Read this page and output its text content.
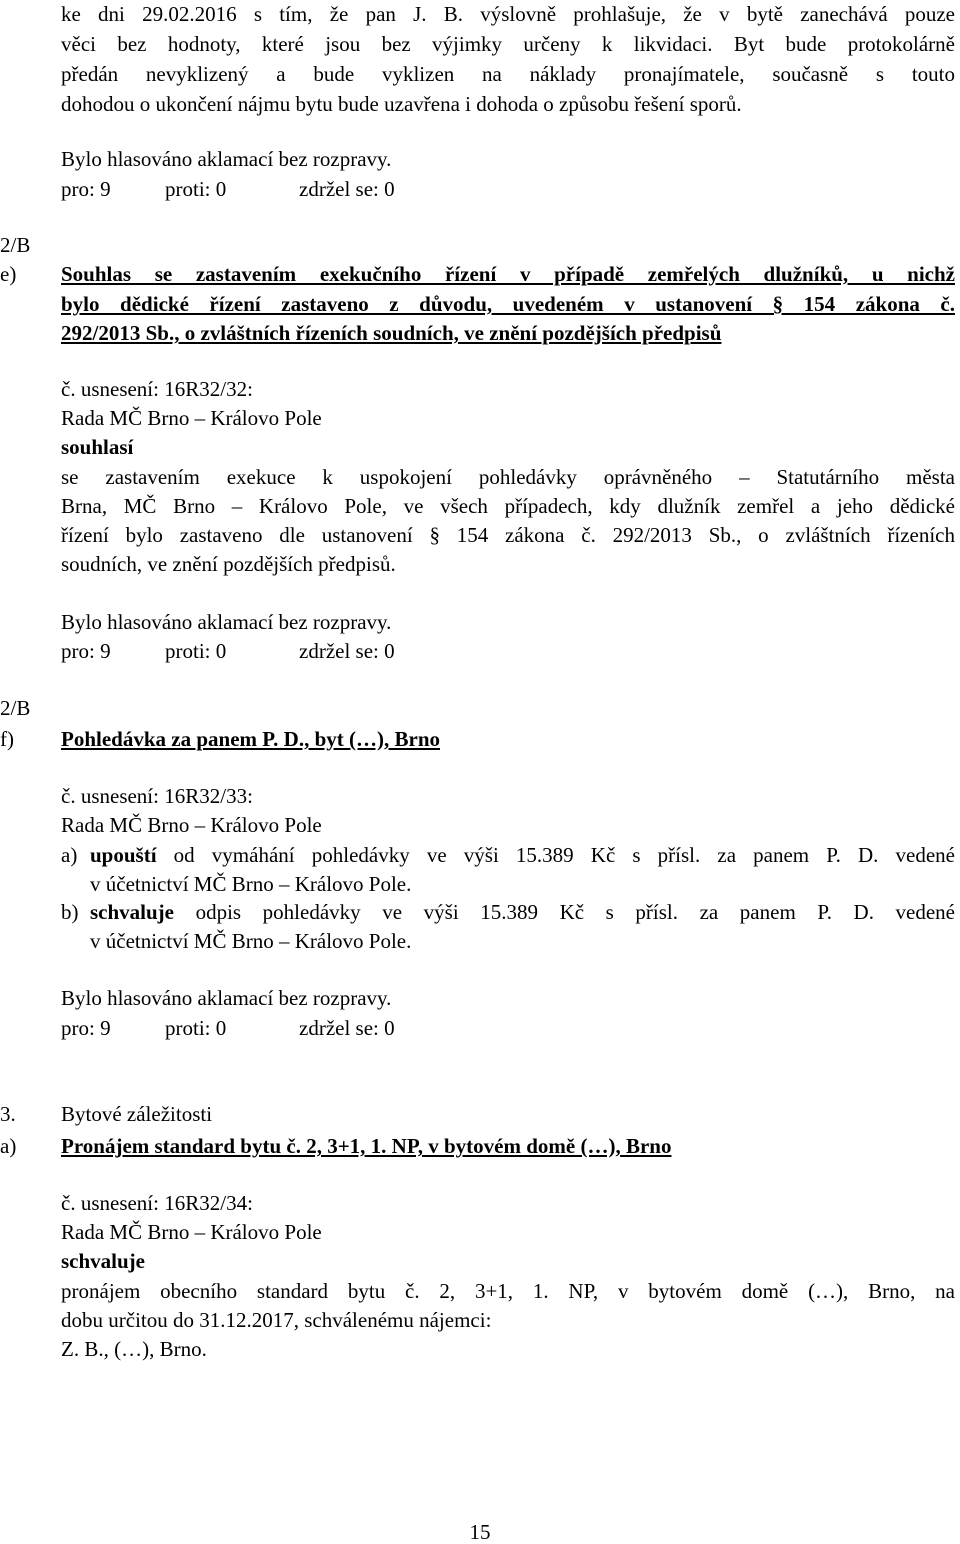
ke dni 29.02.2016 s tím, že pan J. B. výslovně prohlašuje, že v bytě zanechává pouze
věci bez hodnoty, které jsou bez výjimky určeny k likvidaci. Byt bude protokolárně
předán nevyklizený a bude vyklizen na náklady pronajímatele, současně s touto
dohodou o ukončení nájmu bytu bude uzavřena i dohoda o způsobu řešení sporů.
Bylo hlasováno aklamací bez rozpravy.
pro: 9	proti: 0	zdržel se: 0
2/B
e) Souhlas se zastavením exekučního řízení v případě zemřelých dlužníků, u nichž
bylo dědické řízení zastaveno z důvodu, uvedeném v ustanovení § 154 zákona č.
292/2013 Sb., o zvláštních řízeních soudních, ve znění pozdějších předpisů
č. usnesení: 16R32/32:
Rada MČ Brno – Královo Pole
souhlasí
se zastavením exekuce k uspokojení pohledávky oprávněného – Statutárního města
Brna, MČ Brno – Královo Pole, ve všech případech, kdy dlužník zemřel a jeho dědické
řízení bylo zastaveno dle ustanovení § 154 zákona č. 292/2013 Sb., o zvláštních řízeních
soudních, ve znění pozdějších předpisů.
Bylo hlasováno aklamací bez rozpravy.
pro: 9	proti: 0	zdržel se: 0
2/B
f) Pohledávka za panem P. D., byt (…), Brno
č. usnesení: 16R32/33:
Rada MČ Brno – Královo Pole
a) upouští od vymáhání pohledávky ve výši 15.389 Kč s přísl. za panem P. D. vedené
v účetnictví MČ Brno – Královo Pole.
b) schvaluje odpis pohledávky ve výši 15.389 Kč s přísl. za panem P. D. vedené
v účetnictví MČ Brno – Královo Pole.
Bylo hlasováno aklamací bez rozpravy.
pro: 9	proti: 0	zdržel se: 0
3. Bytové záležitosti
a) Pronájem standard bytu č. 2, 3+1, 1. NP, v bytovém domě (…), Brno
č. usnesení: 16R32/34:
Rada MČ Brno – Královo Pole
schvaluje
pronájem obecního standard bytu č. 2, 3+1, 1. NP, v bytovém domě (…), Brno, na
dobu určitou do 31.12.2017, schválenému nájemci:
Z. B., (…), Brno.
15
